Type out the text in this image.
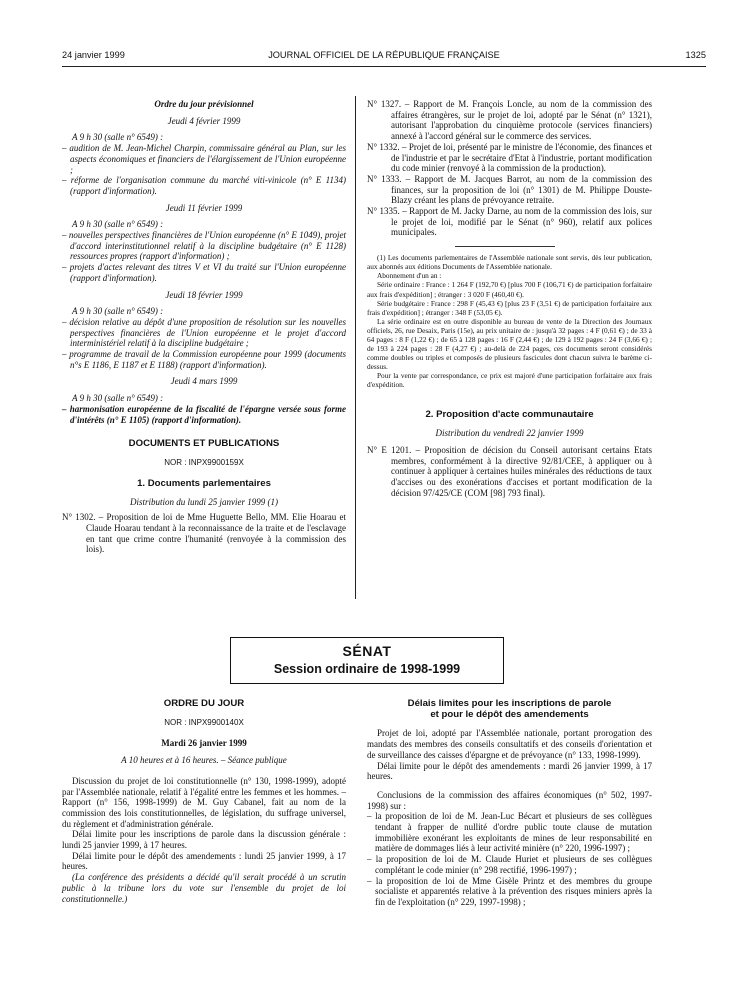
24 janvier 1999	JOURNAL OFFICIEL DE LA RÉPUBLIQUE FRANÇAISE	1325

Ordre du jour prévisionnel

Jeudi 4 février 1999

A 9 h 30 (salle n° 6549) :

– audition de M. Jean-Michel Charpin, commissaire général au Plan, sur les aspects économiques et financiers de l'élargissement de l'Union européenne ;

– réforme de l'organisation commune du marché viti-vinicole (n° E 1134) (rapport d'information).

Jeudi 11 février 1999

A 9 h 30 (salle n° 6549) :

– nouvelles perspectives financières de l'Union européenne (n° E 1049), projet d'accord interinstitutionnel relatif à la discipline budgétaire (n° E 1128) ressources propres (rapport d'information) ;

– projets d'actes relevant des titres V et VI du traité sur l'Union européenne (rapport d'information).

Jeudi 18 février 1999

A 9 h 30 (salle n° 6549) :

– décision relative au dépôt d'une proposition de résolution sur les nouvelles perspectives financières de l'Union européenne et le projet d'accord interministériel relatif à la discipline budgétaire ;

– programme de travail de la Commission européenne pour 1999 (documents n°s E 1186, E 1187 et E 1188) (rapport d'information).

Jeudi 4 mars 1999

A 9 h 30 (salle n° 6549) :

– harmonisation européenne de la fiscalité de l'épargne versée sous forme d'intérêts (n° E 1105) (rapport d'information).

DOCUMENTS ET PUBLICATIONS

NOR : INPX9900159X

1. Documents parlementaires

Distribution du lundi 25 janvier 1999 (1)

N° 1302. – Proposition de loi de Mme Huguette Bello, MM. Elie Hoarau et Claude Hoarau tendant à la reconnaissance de la traite et de l'esclavage en tant que crime contre l'humanité (renvoyée à la commission des lois).

N° 1327. – Rapport de M. François Loncle, au nom de la commission des affaires étrangères, sur le projet de loi, adopté par le Sénat (n° 1321), autorisant l'approbation du cinquième protocole (services financiers) annexé à l'accord général sur le commerce des services.

N° 1332. – Projet de loi, présenté par le ministre de l'économie, des finances et de l'industrie et par le secrétaire d'Etat à l'industrie, portant modification du code minier (renvoyé à la commission de la production).

N° 1333. – Rapport de M. Jacques Barrot, au nom de la commission des finances, sur la proposition de loi (n° 1301) de M. Philippe Douste-Blazy créant les plans de prévoyance retraite.

N° 1335. – Rapport de M. Jacky Darne, au nom de la commission des lois, sur le projet de loi, modifié par le Sénat (n° 960), relatif aux polices municipales.

(1) Les documents parlementaires de l'Assemblée nationale sont servis, dès leur publication, aux abonnés aux éditions Documents de l'Assemblée nationale.

Abonnement d'un an :

Série ordinaire : France : 1 264 F (192,70 €) [plus 700 F (106,71 €) de participation forfaitaire aux frais d'expédition] ; étranger : 3 020 F (460,40 €).

Série budgétaire : France : 298 F (45,43 €) [plus 23 F (3,51 €) de participation forfaitaire aux frais d'expédition] ; étranger : 348 F (53,05 €).

La série ordinaire est en outre disponible au bureau de vente de la Direction des Journaux officiels, 26, rue Desaix, Paris (15e), au prix unitaire de : jusqu'à 32 pages : 4 F (0,61 €) ; de 33 à 64 pages : 8 F (1,22 €) ; de 65 à 128 pages : 16 F (2,44 €) ; de 129 à 192 pages : 24 F (3,66 €) ; de 193 à 224 pages : 28 F (4,27 €) ; au-delà de 224 pages, ces documents seront considérés comme doubles ou triples et composés de plusieurs fascicules dont chacun suivra le barème ci-dessus.

Pour la vente par correspondance, ce prix est majoré d'une participation forfaitaire aux frais d'expédition.

2. Proposition d'acte communautaire

Distribution du vendredi 22 janvier 1999

N° E 1201. – Proposition de décision du Conseil autorisant certains Etats membres, conformément à la directive 92/81/CEE, à appliquer ou à continuer à appliquer à certaines huiles minérales des réductions de taux d'accises ou des exonérations d'accises et portant modification de la décision 97/425/CE (COM [98] 793 final).

SÉNAT
Session ordinaire de 1998-1999

ORDRE DU JOUR

NOR : INPX9900140X

Mardi 26 janvier 1999

A 10 heures et à 16 heures. – Séance publique

Discussion du projet de loi constitutionnelle (n° 130, 1998-1999), adopté par l'Assemblée nationale, relatif à l'égalité entre les femmes et les hommes. – Rapport (n° 156, 1998-1999) de M. Guy Cabanel, fait au nom de la commission des lois constitutionnelles, de législation, du suffrage universel, du règlement et d'administration générale.

Délai limite pour les inscriptions de parole dans la discussion générale : lundi 25 janvier 1999, à 17 heures.

Délai limite pour le dépôt des amendements : lundi 25 janvier 1999, à 17 heures.

(La conférence des présidents a décidé qu'il serait procédé à un scrutin public à la tribune lors du vote sur l'ensemble du projet de loi constitutionnelle.)

Délais limites pour les inscriptions de parole

et pour le dépôt des amendements

Projet de loi, adopté par l'Assemblée nationale, portant prorogation des mandats des membres des conseils consultatifs et des conseils d'orientation et de surveillance des caisses d'épargne et de prévoyance (n° 133, 1998-1999).

Délai limite pour le dépôt des amendements : mardi 26 janvier 1999, à 17 heures.

Conclusions de la commission des affaires économiques (n° 502, 1997-1998) sur :

– la proposition de loi de M. Jean-Luc Bécart et plusieurs de ses collègues tendant à frapper de nullité d'ordre public toute clause de mutation immobilière exonérant les exploitants de mines de leur responsabilité en matière de dommages liés à leur activité minière (n° 220, 1996-1997) ;

– la proposition de loi de M. Claude Huriet et plusieurs de ses collègues complétant le code minier (n° 298 rectifié, 1996-1997) ;

– la proposition de loi de Mme Gisèle Printz et des membres du groupe socialiste et apparentés relative à la prévention des risques miniers après la fin de l'exploitation (n° 229, 1997-1998) ;
